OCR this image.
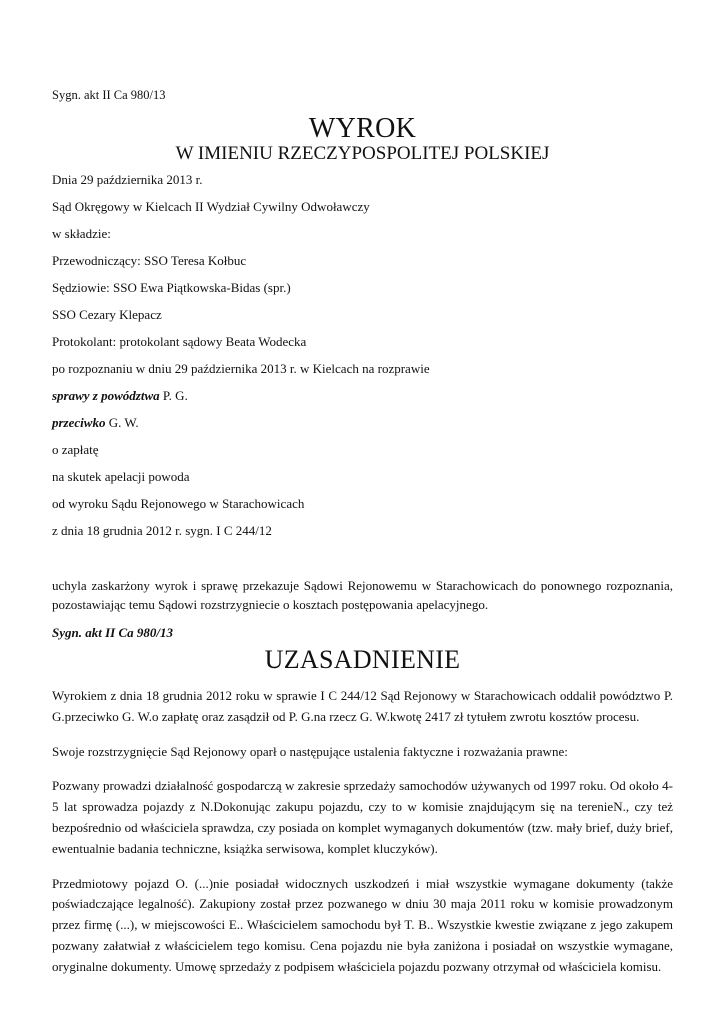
Sygn. akt II Ca 980/13
WYROK
W IMIENIU RZECZYPOSPOLITEJ POLSKIEJ
Dnia 29 października 2013 r.
Sąd Okręgowy w Kielcach II Wydział Cywilny Odwoławczy
w składzie:
Przewodniczący: SSO Teresa Kołbuc
Sędziowie: SSO Ewa Piątkowska-Bidas (spr.)
SSO Cezary Klepacz
Protokolant: protokolant sądowy Beata Wodecka
po rozpoznaniu w dniu 29 października 2013 r. w Kielcach na rozprawie
sprawy z powództwa P. G.
przeciwko G. W.
o zapłatę
na skutek apelacji powoda
od wyroku Sądu Rejonowego w Starachowicach
z dnia 18 grudnia 2012 r. sygn. I C 244/12
uchyla zaskarżony wyrok i sprawę przekazuje Sądowi Rejonowemu w Starachowicach do ponownego rozpoznania, pozostawiając temu Sądowi rozstrzygniecie o kosztach postępowania apelacyjnego.
Sygn. akt II Ca 980/13
UZASADNIENIE

Wyrokiem z dnia 18 grudnia 2012 roku w sprawie I C 244/12 Sąd Rejonowy w Starachowicach oddalił powództwo P. G.przeciwko G. W.o zapłatę oraz zasądził od P. G.na rzecz G. W.kwotę 2417 zł tytułem zwrotu kosztów procesu.

Swoje rozstrzygnięcie Sąd Rejonowy oparł o następujące ustalenia faktyczne i rozważania prawne:

Pozwany prowadzi działalność gospodarczą w zakresie sprzedaży samochodów używanych od 1997 roku. Od około 4-5 lat sprowadza pojazdy z N.Dokonując zakupu pojazdu, czy to w komisie znajdującym się na terenieN., czy też bezpośrednio od właściciela sprawdza, czy posiada on komplet wymaganych dokumentów (tzw. mały brief, duży brief, ewentualnie badania techniczne, książka serwisowa, komplet kluczyków).

Przedmiotowy pojazd O. (...)nie posiadał widocznych uszkodzeń i miał wszystkie wymagane dokumenty (także poświadczające legalność). Zakupiony został przez pozwanego w dniu 30 maja 2011 roku w komisie prowadzonym przez firmę (...), w miejscowości E.. Właścicielem samochodu był T. B.. Wszystkie kwestie związane z jego zakupem pozwany załatwiał z właścicielem tego komisu. Cena pojazdu nie była zaniżona i posiadał on wszystkie wymagane, oryginalne dokumenty. Umowę sprzedaży z podpisem właściciela pojazdu pozwany otrzymał od właściciela komisu.
